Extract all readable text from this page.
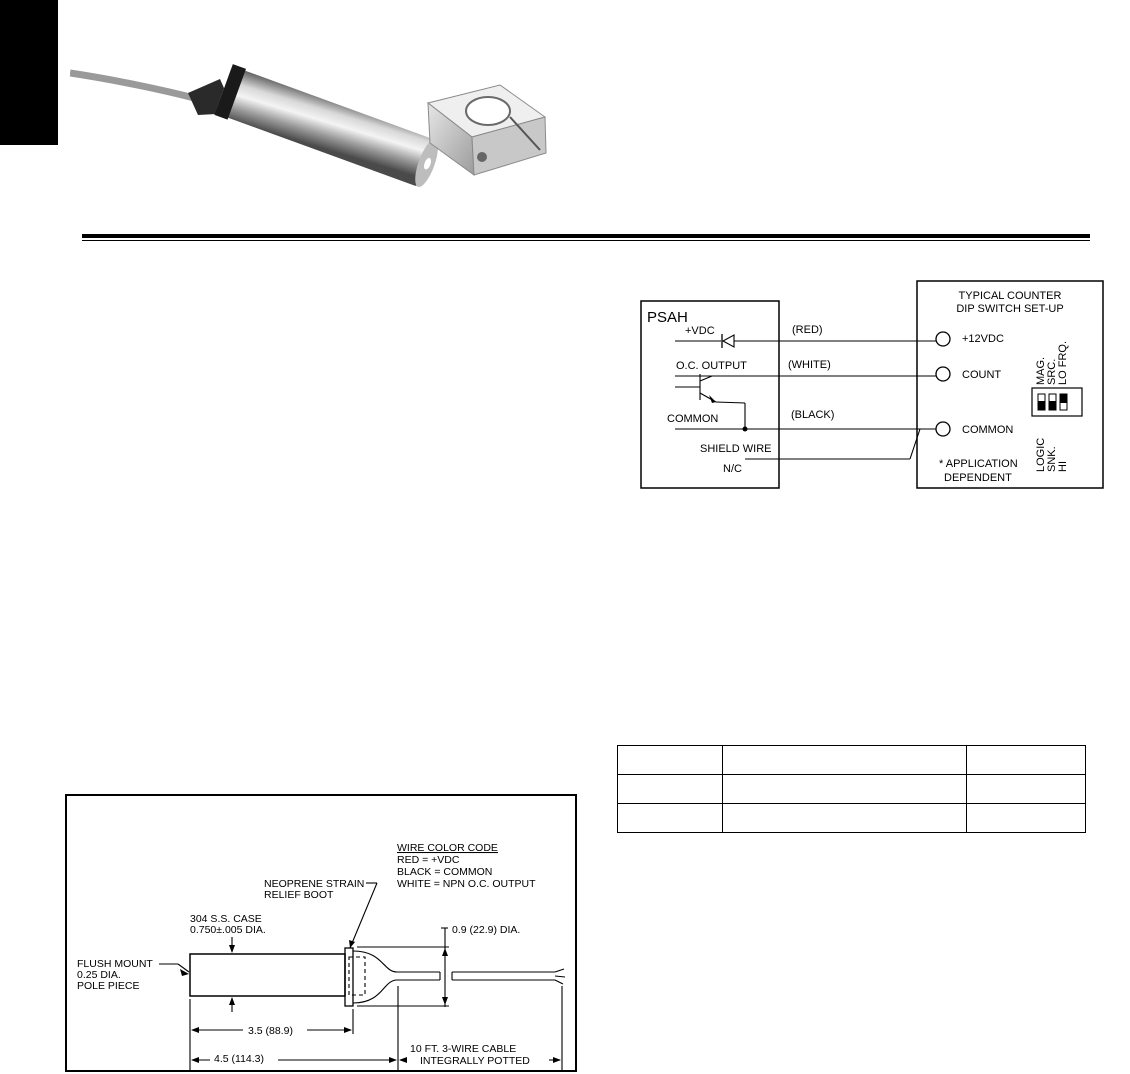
PSAH
+VDC
O.C. OUTPUT
COMMON
SHIELD WIRE
N/C
(RED)
(WHITE)
(BLACK)
TYPICAL COUNTER
DIP SWITCH SET-UP
+12VDC
COUNT
COMMON
* APPLICATION
DEPENDENT
MAG. SRC. LO FRQ.
LOGIC SNK. HI

WIRE COLOR CODE
RED = +VDC
BLACK = COMMON
WHITE = NPN O.C. OUTPUT
NEOPRENE STRAIN
RELIEF BOOT
304 S.S. CASE
0.750±.005 DIA.
FLUSH MOUNT
0.25 DIA.
POLE PIECE
0.9 (22.9) DIA.
3.5 (88.9)
4.5 (114.3)
10 FT. 3-WIRE CABLE
INTEGRALLY POTTED
